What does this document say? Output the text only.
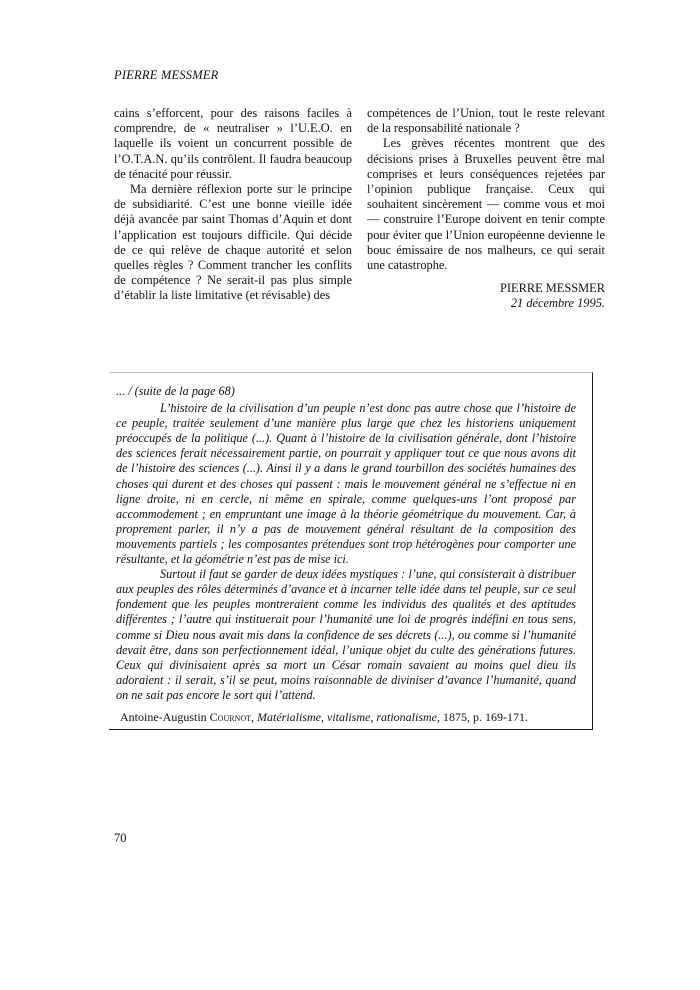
PIERRE MESSMER

cains s’efforcent, pour des raisons faciles à comprendre, de « neutraliser » l’U.E.O. en laquelle ils voient un concurrent possible de l’O.T.A.N. qu’ils contrôlent. Il faudra beaucoup de ténacité pour réussir.

Ma dernière réflexion porte sur le principe de subsidiarité. C’est une bonne vieille idée déjà avancée par saint Thomas d’Aquin et dont l’application est toujours difficile. Qui décide de ce qui relève de chaque autorité et selon quelles règles ? Comment trancher les conflits de compétence ? Ne serait-il pas plus simple d’établir la liste limitative (et révisable) des

compétences de l’Union, tout le reste relevant de la responsabilité nationale ?

Les grèves récentes montrent que des décisions prises à Bruxelles peuvent être mal comprises et leurs conséquences rejetées par l’opinion publique française. Ceux qui souhaitent sincèrement — comme vous et moi — construire l’Europe doivent en tenir compte pour éviter que l’Union européenne devienne le bouc émissaire de nos malheurs, ce qui serait une catastrophe.

PIERRE MESSMER
21 décembre 1995.
... / (suite de la page 68)

L’histoire de la civilisation d’un peuple n’est donc pas autre chose que l’histoire de ce peuple, traitée seulement d’une manière plus large que chez les historiens uniquement préoccupés de la politique (...). Quant à l’histoire de la civilisation générale, dont l’histoire des sciences ferait nécessairement partie, on pourrait y appliquer tout ce que nous avons dit de l’histoire des sciences (...). Ainsi il y a dans le grand tourbillon des sociétés humaines des choses qui durent et des choses qui passent : mais le mouvement général ne s’effectue ni en ligne droite, ni en cercle, ni même en spirale, comme quelques-uns l’ont proposé par accommodement ; en empruntant une image à la théorie géométrique du mouvement. Car, à proprement parler, il n’y a pas de mouvement général résultant de la composition des mouvements partiels ; les composantes prétendues sont trop hétérogènes pour comporter une résultante, et la géométrie n’est pas de mise ici.

Surtout il faut se garder de deux idées mystiques : l’une, qui consisterait à distribuer aux peuples des rôles déterminés d’avance et à incarner telle idée dans tel peuple, sur ce seul fondement que les peuples montreraient comme les individus des qualités et des aptitudes différentes ; l’autre qui instituerait pour l’humanité une loi de progrès indéfini en tous sens, comme si Dieu nous avait mis dans la confidence de ses décrets (...), ou comme si l’humanité devait être, dans son perfectionnement idéal, l’unique objet du culte des générations futures. Ceux qui divinisaient après sa mort un César romain savaient au moins quel dieu ils adoraient : il serait, s’il se peut, moins raisonnable de diviniser d’avance l’humanité, quand on ne sait pas encore le sort qui l’attend.

Antoine-Augustin Cournot, Matérialisme, vitalisme, rationalisme, 1875, p. 169-171.
70
